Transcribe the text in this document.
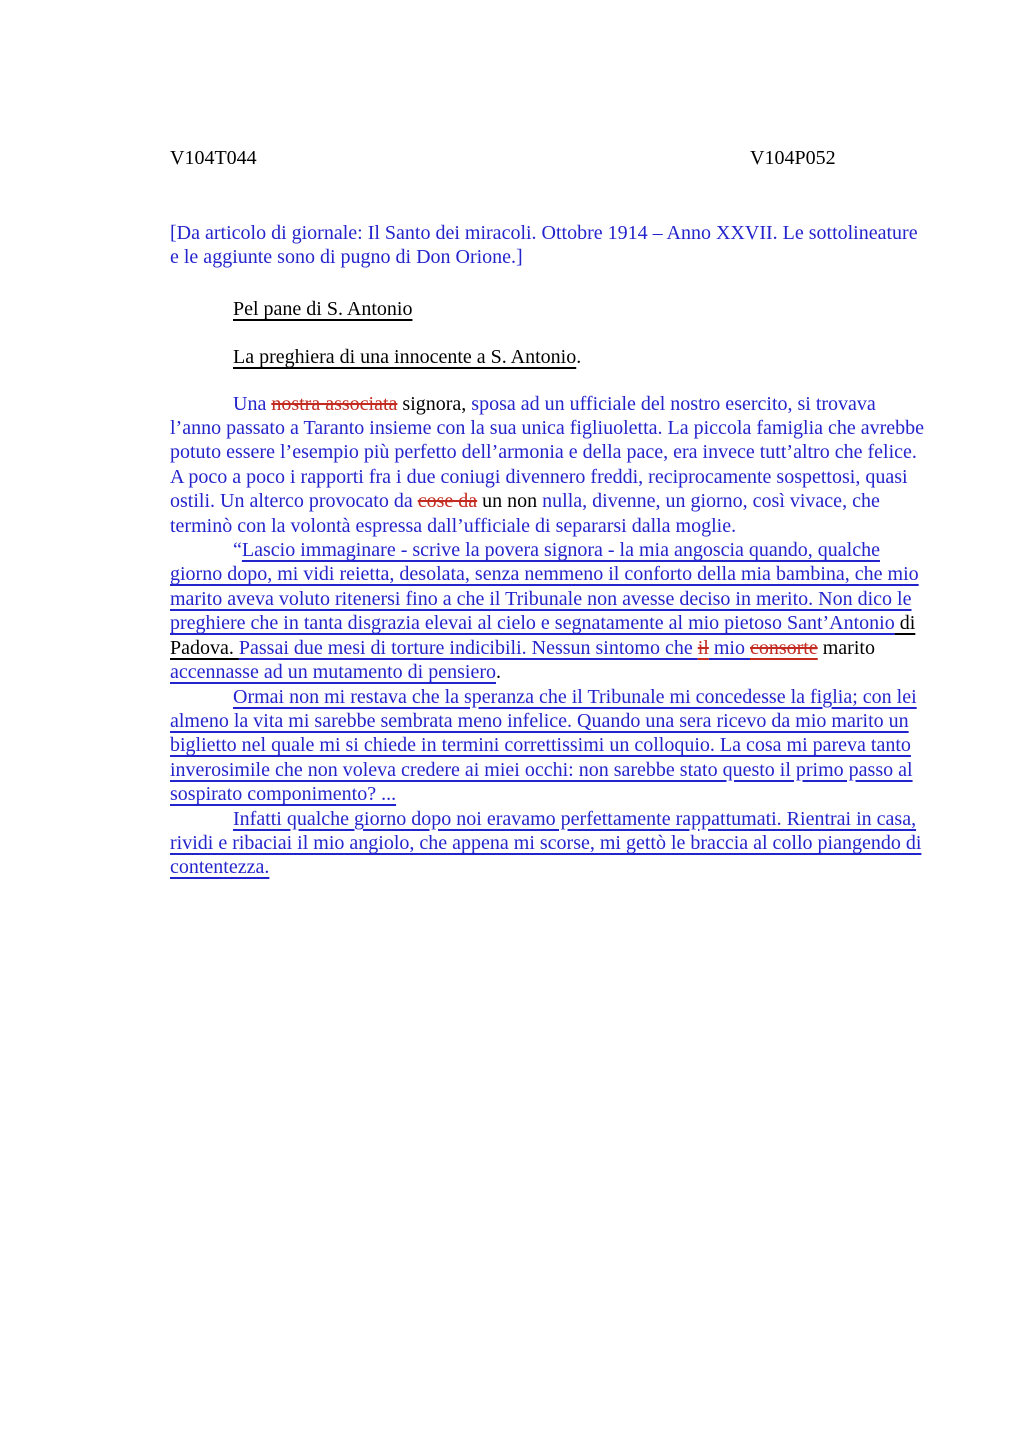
V104T044	V104P052

[Da articolo di giornale: Il Santo dei miracoli. Ottobre 1914 – Anno XXVII. Le sottolineature e le aggiunte sono di pugno di Don Orione.]

Pel pane di S. Antonio

La preghiera di una innocente a S. Antonio.

Una nostra associata signora, sposa ad un ufficiale del nostro esercito, si trovava l’anno passato a Taranto insieme con la sua unica figliuoletta. La piccola famiglia che avrebbe potuto essere l’esempio più perfetto dell’armonia e della pace, era invece tutt’altro che felice. A poco a poco i rapporti fra i due coniugi divennero freddi, reciprocamente sospettosi, quasi ostili. Un alterco provocato da cose da un non nulla, divenne, un giorno, così vivace, che terminò con la volontà espressa dall’ufficiale di separarsi dalla moglie.

“Lascio immaginare - scrive la povera signora - la mia angoscia quando, qualche giorno dopo, mi vidi reietta, desolata, senza nemmeno il conforto della mia bambina, che mio marito aveva voluto ritenersi fino a che il Tribunale non avesse deciso in merito. Non dico le preghiere che in tanta disgrazia elevai al cielo e segnatamente al mio pietoso Sant’Antonio di Padova. Passai due mesi di torture indicibili. Nessun sintomo che il mio consorte marito accennasse ad un mutamento di pensiero.

Ormai non mi restava che la speranza che il Tribunale mi concedesse la figlia; con lei almeno la vita mi sarebbe sembrata meno infelice. Quando una sera ricevo da mio marito un biglietto nel quale mi si chiede in termini correttissimi un colloquio. La cosa mi pareva tanto inverosimile che non voleva credere ai miei occhi: non sarebbe stato questo il primo passo al sospirato componimento? ...

Infatti qualche giorno dopo noi eravamo perfettamente rappattumati. Rientrai in casa, rividi e ribaciai il mio angiolo, che appena mi scorse, mi gettò le braccia al collo piangendo di contentezza.
